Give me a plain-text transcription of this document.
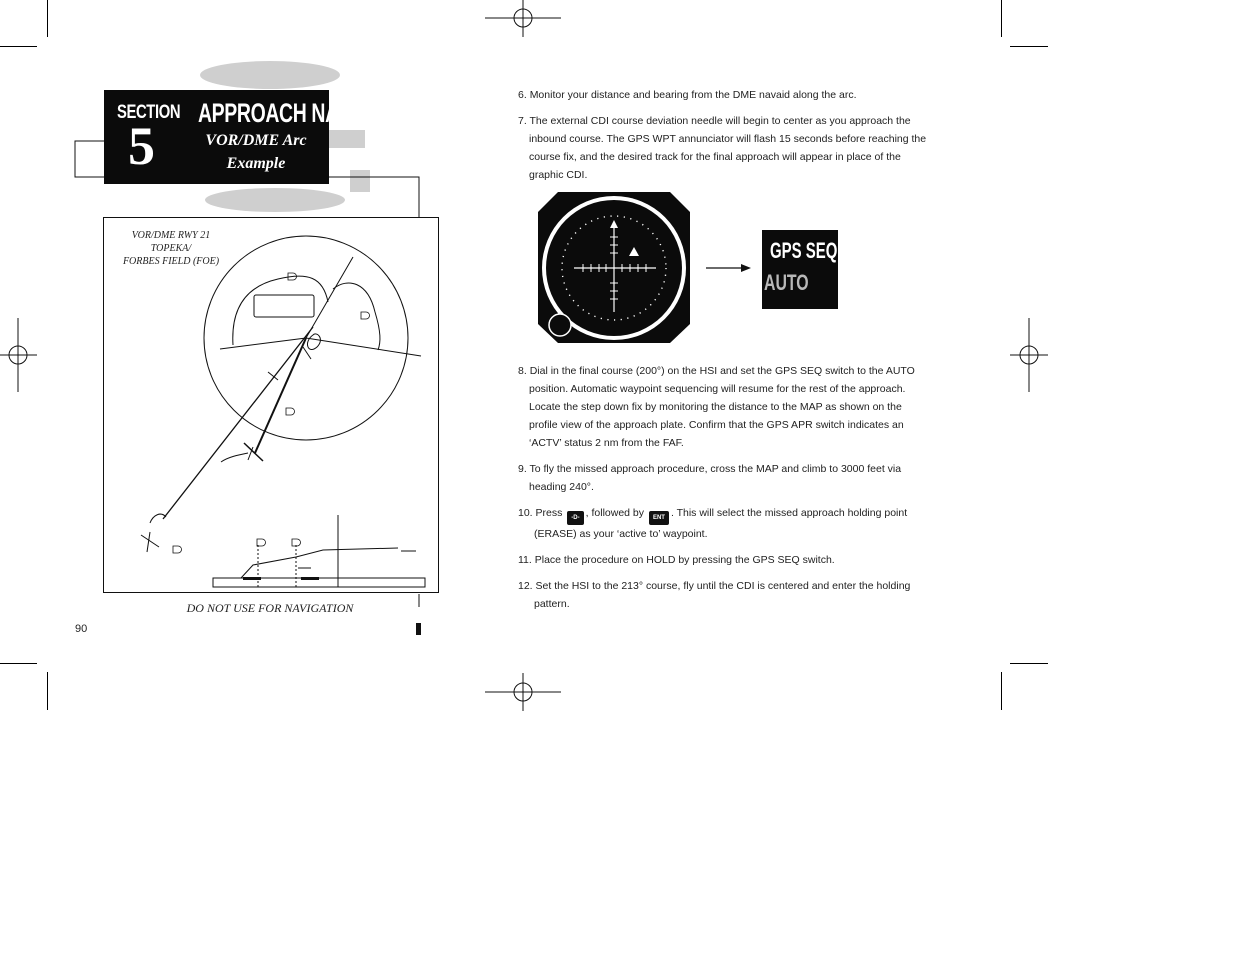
SECTION
5
APPROACH NAV
VOR/DME Arc
Example
VOR/DME RWY 21
TOPEKA/
FORBES FIELD (FOE)
DO NOT USE FOR NAVIGATION
90

6. Monitor your distance and bearing from the DME navaid along the arc.

7. The external CDI course deviation needle will begin to center as you approach the inbound course. The GPS WPT annunciator will flash 15 seconds before reaching the course fix, and the desired track for the final approach will appear in place of the graphic CDI.

GPS SEQ
AUTO

8. Dial in the final course (200°) on the HSI and set the GPS SEQ switch to the AUTO position. Automatic waypoint sequencing will resume for the rest of the approach. Locate the step down fix by monitoring the distance to the MAP as shown on the profile view of the approach plate. Confirm that the GPS APR switch indicates an ‘ACTV’ status 2 nm from the FAF.

9. To fly the missed approach procedure, cross the MAP and climb to 3000 feet via heading 240°.

10. Press -D- , followed by ENT . This will select the missed approach holding point (ERASE) as your ‘active to’ waypoint.

11. Place the procedure on HOLD by pressing the GPS SEQ switch.

12. Set the HSI to the 213° course, fly until the CDI is centered and enter the holding pattern.
